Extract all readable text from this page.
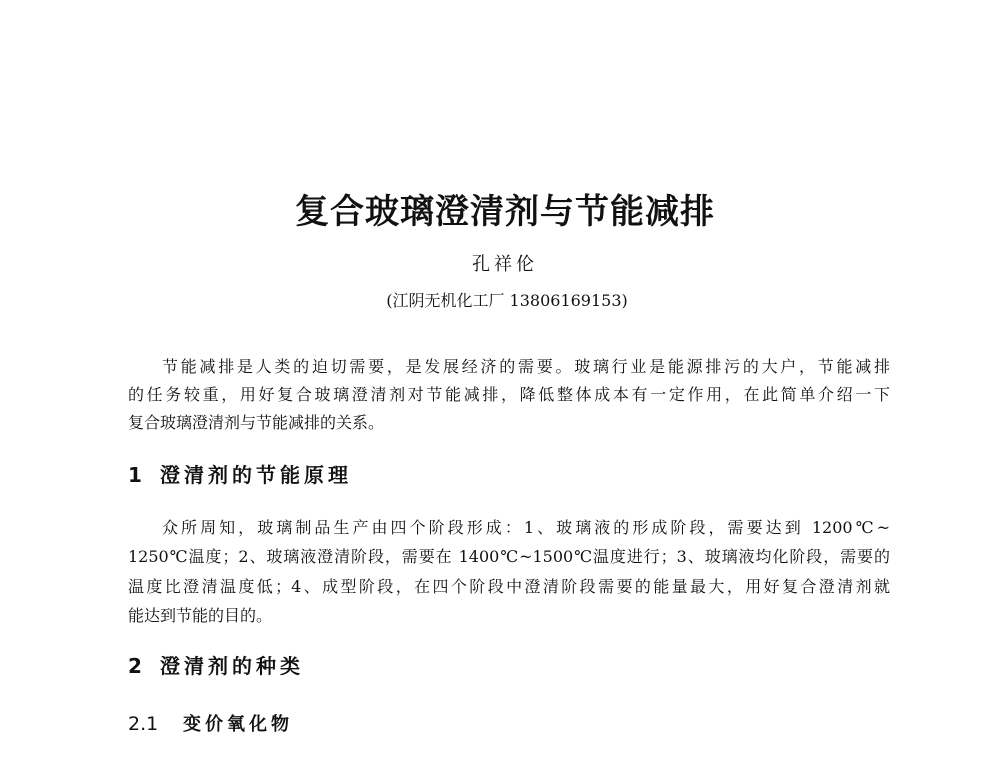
复合玻璃澄清剂与节能减排
孔祥伦
(江阴无机化工厂 13806169153)
节能减排是人类的迫切需要，是发展经济的需要。玻璃行业是能源排污的大户，节能减排
的任务较重，用好复合玻璃澄清剂对节能减排，降低整体成本有一定作用，在此简单介绍一下
复合玻璃澄清剂与节能减排的关系。
1 澄清剂的节能原理
众所周知，玻璃制品生产由四个阶段形成：1、玻璃液的形成阶段，需要达到 1200℃~
1250℃温度；2、玻璃液澄清阶段，需要在 1400℃~1500℃温度进行；3、玻璃液均化阶段，需要的
温度比澄清温度低；4、成型阶段，在四个阶段中澄清阶段需要的能量最大，用好复合澄清剂就
能达到节能的目的。
2 澄清剂的种类
2.1 变价氧化物
